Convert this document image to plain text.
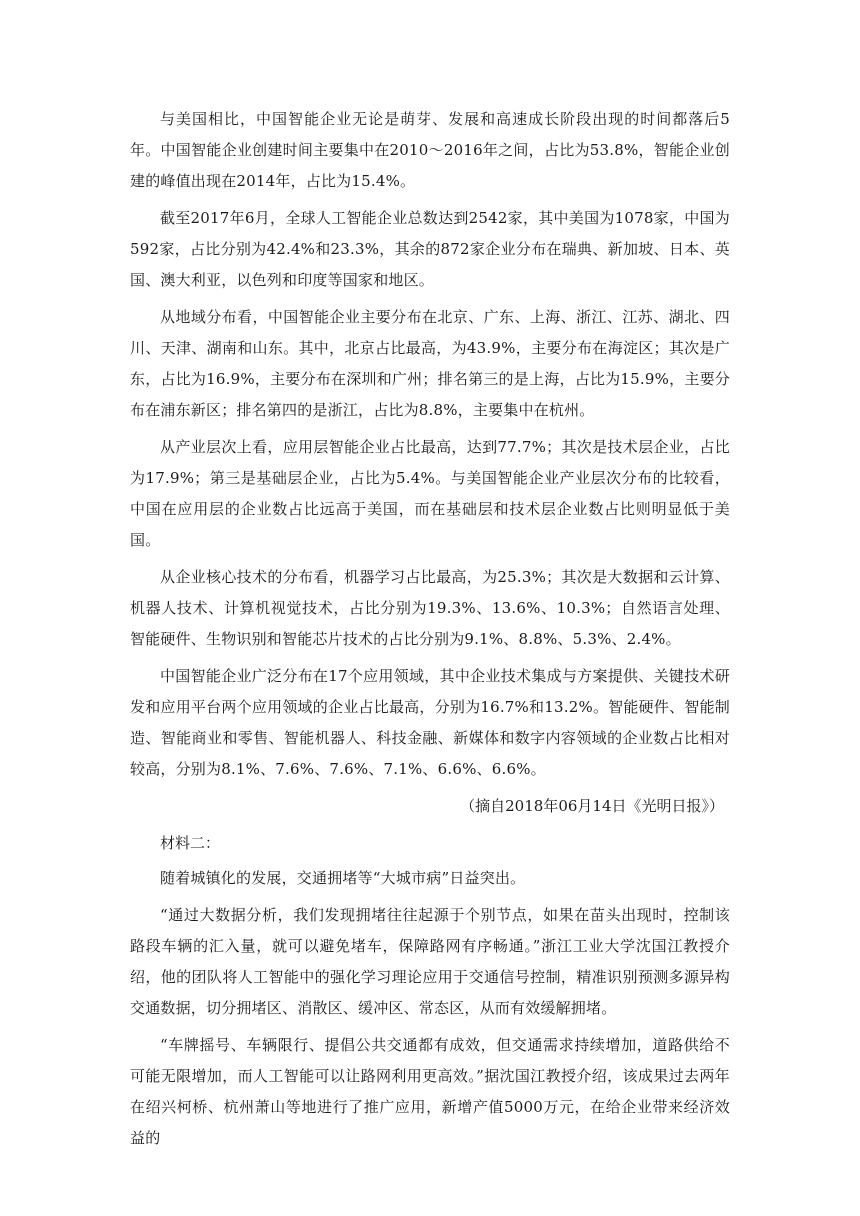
与美国相比，中国智能企业无论是萌芽、发展和高速成长阶段出现的时间都落后5年。中国智能企业创建时间主要集中在2010～2016年之间，占比为53.8%，智能企业创建的峰值出现在2014年，占比为15.4%。

截至2017年6月，全球人工智能企业总数达到2542家，其中美国为1078家，中国为592家，占比分别为42.4%和23.3%，其余的872家企业分布在瑞典、新加坡、日本、英国、澳大利亚，以色列和印度等国家和地区。

从地域分布看，中国智能企业主要分布在北京、广东、上海、浙江、江苏、湖北、四川、天津、湖南和山东。其中，北京占比最高，为43.9%，主要分布在海淀区；其次是广东，占比为16.9%，主要分布在深圳和广州；排名第三的是上海，占比为15.9%，主要分布在浦东新区；排名第四的是浙江，占比为8.8%，主要集中在杭州。

从产业层次上看，应用层智能企业占比最高，达到77.7%；其次是技术层企业，占比为17.9%；第三是基础层企业，占比为5.4%。与美国智能企业产业层次分布的比较看，中国在应用层的企业数占比远高于美国，而在基础层和技术层企业数占比则明显低于美国。

从企业核心技术的分布看，机器学习占比最高，为25.3%；其次是大数据和云计算、机器人技术、计算机视觉技术，占比分别为19.3%、13.6%、10.3%；自然语言处理、智能硬件、生物识别和智能芯片技术的占比分别为9.1%、8.8%、5.3%、2.4%。

中国智能企业广泛分布在17个应用领域，其中企业技术集成与方案提供、关键技术研发和应用平台两个应用领域的企业占比最高，分别为16.7%和13.2%。智能硬件、智能制造、智能商业和零售、智能机器人、科技金融、新媒体和数字内容领域的企业数占比相对较高，分别为8.1%、7.6%、7.6%、7.1%、6.6%、6.6%。

（摘自2018年06月14日《光明日报》）

材料二：

随着城镇化的发展，交通拥堵等“大城市病”日益突出。

“通过大数据分析，我们发现拥堵往往起源于个别节点，如果在苗头出现时，控制该路段车辆的汇入量，就可以避免堵车，保障路网有序畅通。”浙江工业大学沈国江教授介绍，他的团队将人工智能中的强化学习理论应用于交通信号控制，精准识别预测多源异构交通数据，切分拥堵区、消散区、缓冲区、常态区，从而有效缓解拥堵。

“车牌摇号、车辆限行、提倡公共交通都有成效，但交通需求持续增加，道路供给不可能无限增加，而人工智能可以让路网利用更高效。”据沈国江教授介绍，该成果过去两年在绍兴柯桥、杭州萧山等地进行了推广应用，新增产值5000万元，在给企业带来经济效益的
